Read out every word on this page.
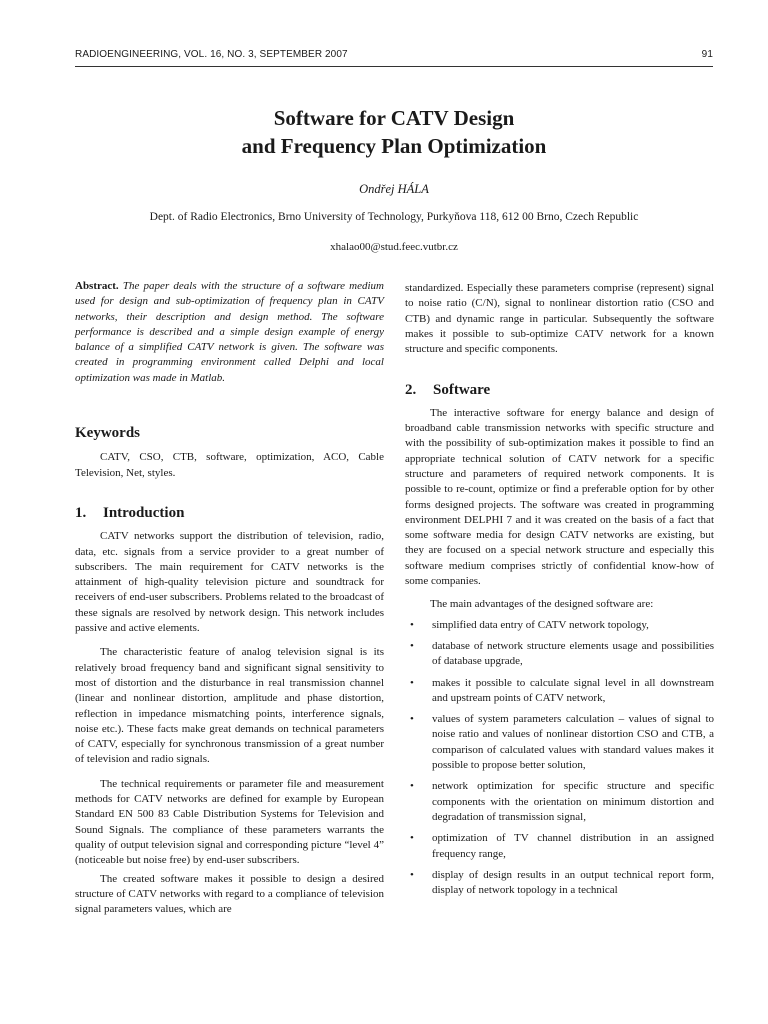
RADIOENGINEERING, VOL. 16, NO. 3, SEPTEMBER 2007	91
Software for CATV Design
and Frequency Plan Optimization
Ondřej HÁLA
Dept. of Radio Electronics, Brno University of Technology, Purkyňova 118, 612 00 Brno, Czech Republic
xhalao00@stud.feec.vutbr.cz

Abstract. The paper deals with the structure of a software medium used for design and sub-optimization of frequency plan in CATV networks, their description and design method. The software performance is described and a simple design example of energy balance of a simplified CATV network is given. The software was created in programming environment called Delphi and local optimization was made in Matlab.

Keywords

CATV, CSO, CTB, software, optimization, ACO, Cable Television, Net, styles.

1. Introduction

CATV networks support the distribution of television, radio, data, etc. signals from a service provider to a great number of subscribers. The main requirement for CATV networks is the attainment of high-quality television picture and soundtrack for receivers of end-user subscribers. Problems related to the broadcast of these signals are resolved by network design. This network includes passive and active elements.

The characteristic feature of analog television signal is its relatively broad frequency band and significant signal sensitivity to most of distortion and the disturbance in real transmission channel (linear and nonlinear distortion, amplitude and phase distortion, reflection in impedance mismatching points, interference signals, noise etc.). These facts make great demands on technical parameters of CATV, especially for synchronous transmission of a great number of television and radio signals.

The technical requirements or parameter file and measurement methods for CATV networks are defined for example by European Standard EN 500 83 Cable Distribution Systems for Television and Sound Signals. The compliance of these parameters warrants the quality of output television signal and corresponding picture “level 4” (noticeable but noise free) by end-user subscribers.

The created software makes it possible to design a desired structure of CATV networks with regard to a compliance of television signal parameters values, which are

standardized. Especially these parameters comprise (represent) signal to noise ratio (C/N), signal to nonlinear distortion ratio (CSO and CTB) and dynamic range in particular. Subsequently the software makes it possible to sub-optimize CATV network for a known structure and specific components.

2. Software

The interactive software for energy balance and design of broadband cable transmission networks with specific structure and with the possibility of sub-optimization makes it possible to find an appropriate technical solution of CATV network for a specific structure and parameters of required network components. It is possible to re-count, optimize or find a preferable option for by other forms designed projects. The software was created in programming environment DELPHI 7 and it was created on the basis of a fact that some software media for design CATV networks are existing, but they are focused on a special network structure and especially this software medium comprises strictly of confidential know-how of some companies.

The main advantages of the designed software are:

• simplified data entry of CATV network topology,
• database of network structure elements usage and possibilities of database upgrade,
• makes it possible to calculate signal level in all downstream and upstream points of CATV network,
• values of system parameters calculation – values of signal to noise ratio and values of nonlinear distortion CSO and CTB, a comparison of calculated values with standard values makes it possible to propose better solution,
• network optimization for specific structure and specific components with the orientation on minimum distortion and degradation of transmission signal,
• optimization of TV channel distribution in an assigned frequency range,
• display of design results in an output technical report form, display of network topology in a technical
